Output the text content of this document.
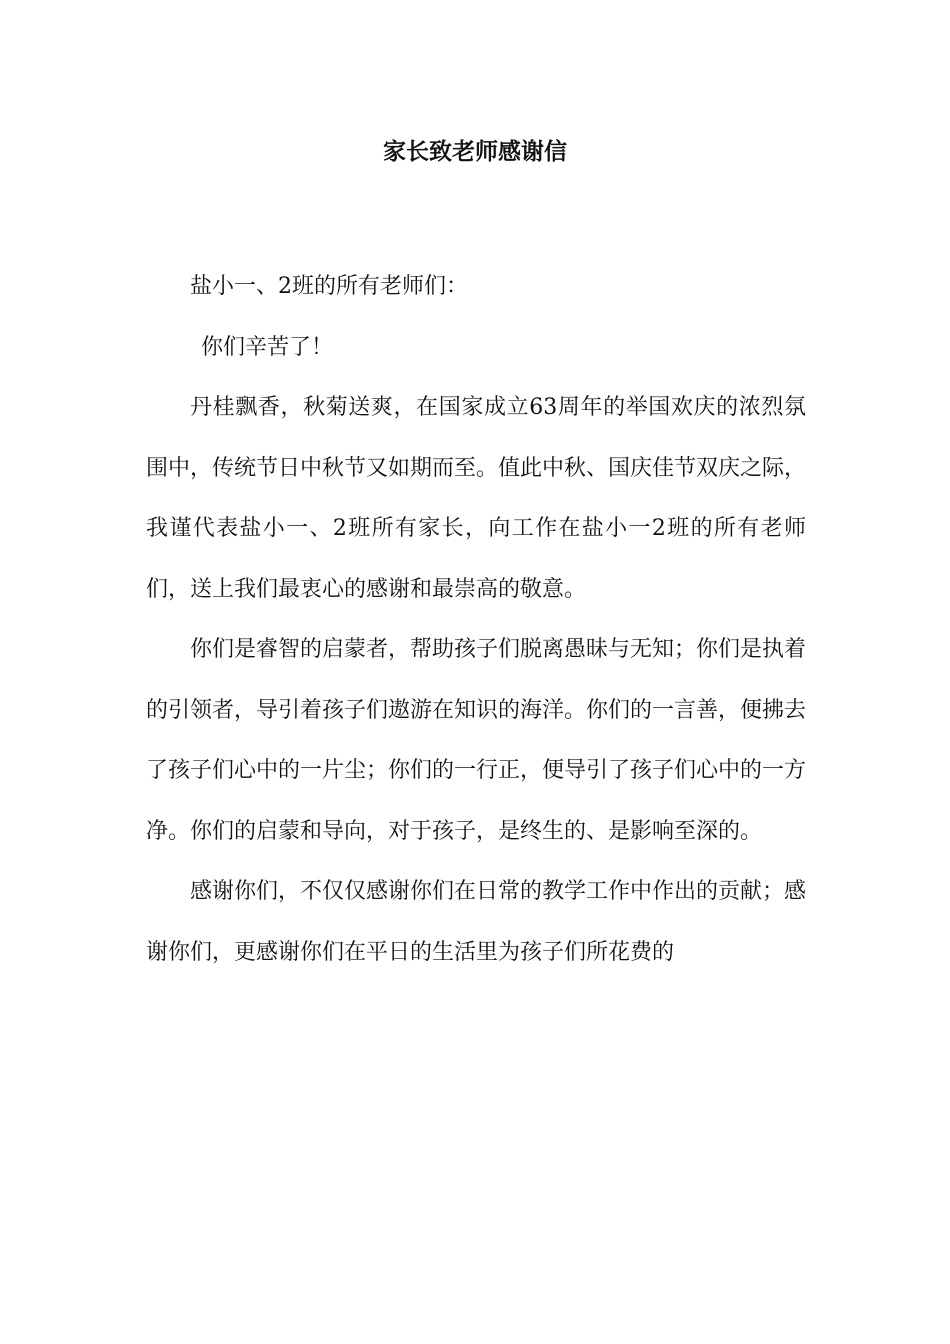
家长致老师感谢信

盐小一、2班的所有老师们：

你们辛苦了！

丹桂飘香，秋菊送爽，在国家成立63周年的举国欢庆的浓烈氛围中，传统节日中秋节又如期而至。值此中秋、国庆佳节双庆之际，我谨代表盐小一、2班所有家长，向工作在盐小一2班的所有老师们，送上我们最衷心的感谢和最崇高的敬意。

你们是睿智的启蒙者，帮助孩子们脱离愚昧与无知；你们是执着的引领者，导引着孩子们遨游在知识的海洋。你们的一言善，便拂去了孩子们心中的一片尘；你们的一行正，便导引了孩子们心中的一方净。你们的启蒙和导向，对于孩子，是终生的、是影响至深的。

感谢你们，不仅仅感谢你们在日常的教学工作中作出的贡献；感谢你们，更感谢你们在平日的生活里为孩子们所花费的
